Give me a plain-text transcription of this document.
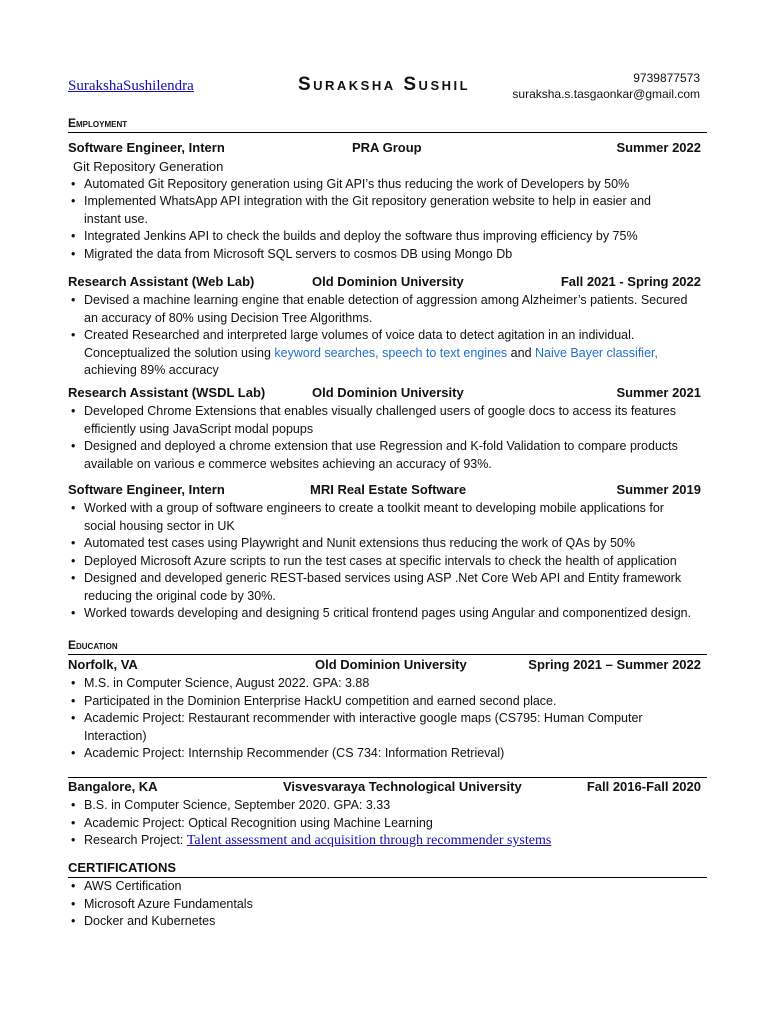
SurakshaSushilendra	Suraksha Sushil	9739877573
suraksha.s.tasgaonkar@gmail.com
Employment
Software Engineer, Intern	PRA Group	Summer 2022
Git Repository Generation
• Automated Git Repository generation using Git API’s thus reducing the work of Developers by 50%
• Implemented WhatsApp API integration with the Git repository generation website to help in easier and
instant use.
• Integrated Jenkins API to check the builds and deploy the software thus improving efficiency by 75%
• Migrated the data from Microsoft SQL servers to cosmos DB using Mongo Db
Research Assistant (Web Lab)	Old Dominion University	Fall 2021 - Spring 2022
• Devised a machine learning engine that enable detection of aggression among Alzheimer’s patients. Secured
an accuracy of 80% using Decision Tree Algorithms.
• Created Researched and interpreted large volumes of voice data to detect agitation in an individual.
Conceptualized the solution using keyword searches, speech to text engines and Naive Bayer classifier,
achieving 89% accuracy
Research Assistant (WSDL Lab)	Old Dominion University	Summer 2021
• Developed Chrome Extensions that enables visually challenged users of google docs to access its features
efficiently using JavaScript modal popups
• Designed and deployed a chrome extension that use Regression and K-fold Validation to compare products
available on various e commerce websites achieving an accuracy of 93%.
Software Engineer, Intern	MRI Real Estate Software	Summer 2019
• Worked with a group of software engineers to create a toolkit meant to developing mobile applications for
social housing sector in UK
• Automated test cases using Playwright and Nunit extensions thus reducing the work of QAs by 50%
• Deployed Microsoft Azure scripts to run the test cases at specific intervals to check the health of application
• Designed and developed generic REST-based services using ASP .Net Core Web API and Entity framework
reducing the original code by 30%.
• Worked towards developing and designing 5 critical frontend pages using Angular and componentized design.
Education
Norfolk, VA	Old Dominion University	Spring 2021 – Summer 2022
• M.S. in Computer Science, August 2022. GPA: 3.88
• Participated in the Dominion Enterprise HackU competition and earned second place.
• Academic Project: Restaurant recommender with interactive google maps (CS795: Human Computer
Interaction)
• Academic Project: Internship Recommender (CS 734: Information Retrieval)
Bangalore, KA	Visvesvaraya Technological University	Fall 2016-Fall 2020
• B.S. in Computer Science, September 2020. GPA: 3.33
• Academic Project: Optical Recognition using Machine Learning
• Research Project: Talent assessment and acquisition through recommender systems
CERTIFICATIONS
• AWS Certification
• Microsoft Azure Fundamentals
• Docker and Kubernetes
